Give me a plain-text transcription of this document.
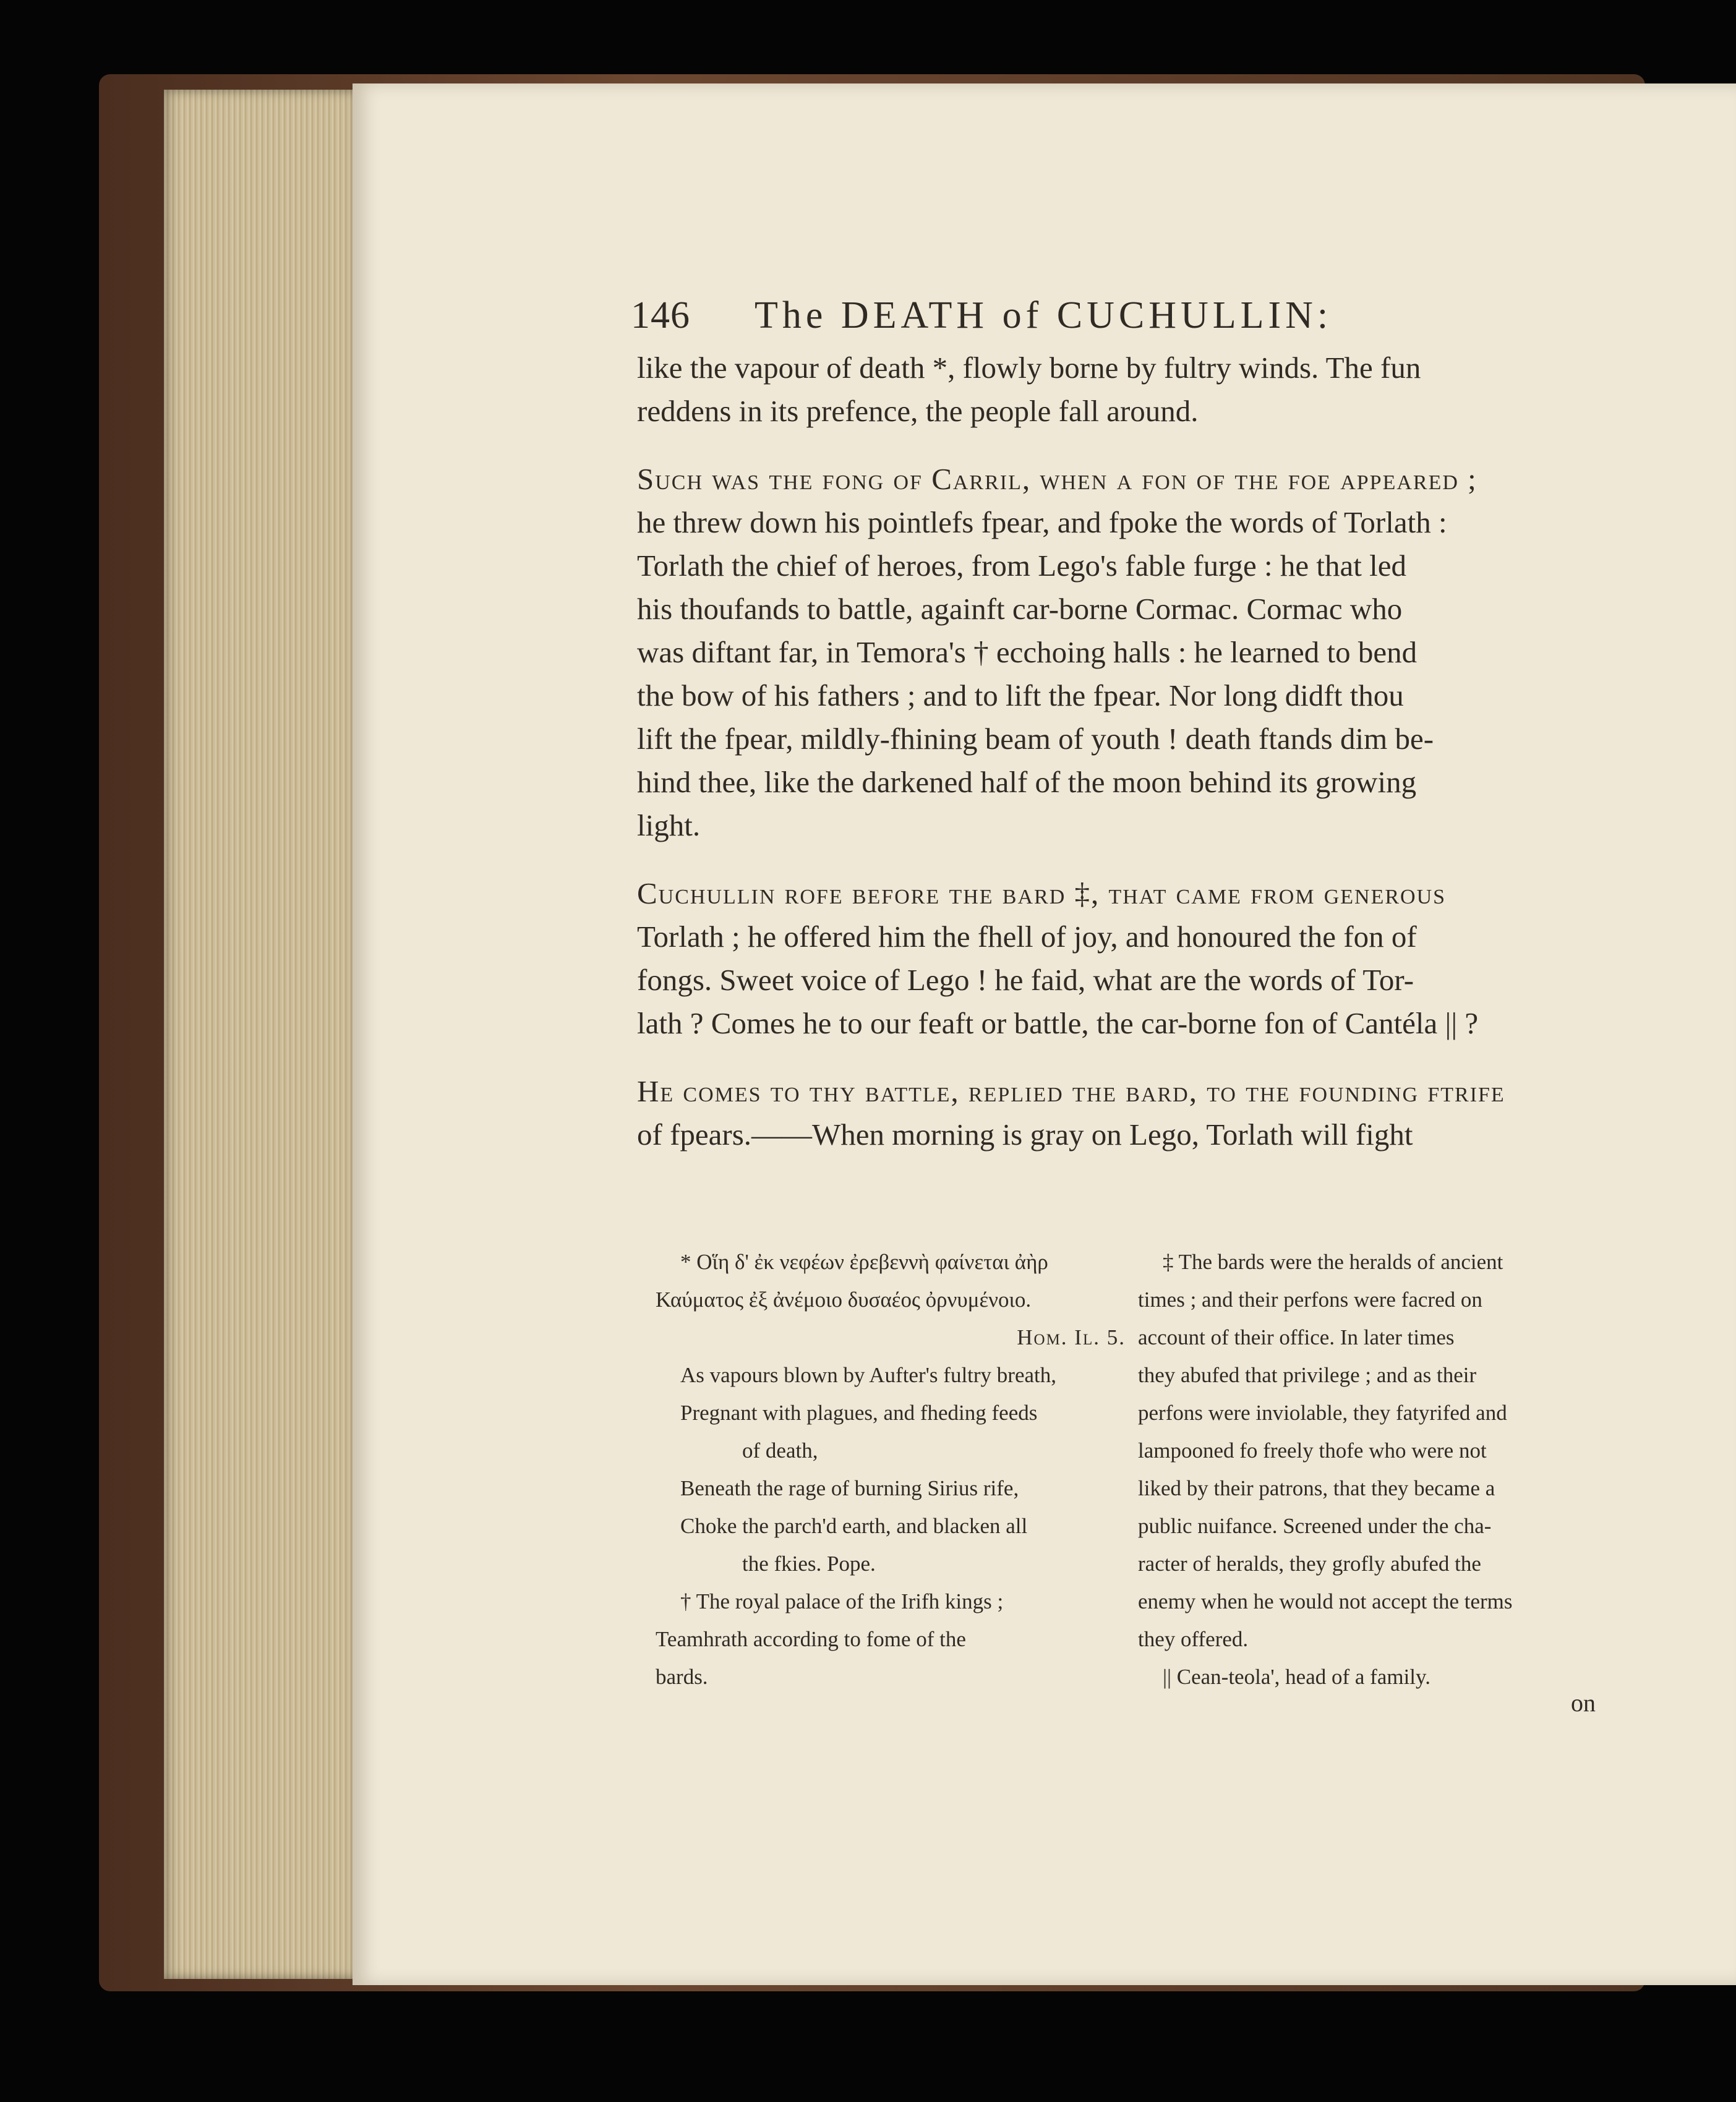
146 The DEATH of CUCHULLIN:
like the vapour of death *, flowly borne by fultry winds. The fun
reddens in its prefence, the people fall around.
Such was the fong of Carril, when a fon of the foe appeared ;
he threw down his pointlefs fpear, and fpoke the words of Torlath :
Torlath the chief of heroes, from Lego's fable furge : he that led
his thoufands to battle, againft car-borne Cormac. Cormac who
was diftant far, in Temora's † ecchoing halls : he learned to bend
the bow of his fathers ; and to lift the fpear. Nor long didft thou
lift the fpear, mildly-fhining beam of youth ! death ftands dim be-
hind thee, like the darkened half of the moon behind its growing
light.
Cuchullin rofe before the bard ‡, that came from generous
Torlath ; he offered him the fhell of joy, and honoured the fon of
fongs. Sweet voice of Lego ! he faid, what are the words of Tor-
lath ? Comes he to our feaft or battle, the car-borne fon of Cantéla || ?
He comes to thy battle, replied the bard, to the founding ftrife
of fpears.——When morning is gray on Lego, Torlath will fight
* Οἵη δ' ἐκ νεφέων ἐρεβεννὴ φαίνεται ἀὴρ
Καύματος ἐξ ἀνέμοιο δυσαέος ὀρνυμένοιο.
Hom. Il. 5.
As vapours blown by Aufter's fultry breath,
Pregnant with plagues, and fheding feeds
of death,
Beneath the rage of burning Sirius rife,
Choke the parch'd earth, and blacken all
the fkies. Pope.
† The royal palace of the Irifh kings ;
Teamhrath according to fome of the
bards.
‡ The bards were the heralds of ancient
times ; and their perfons were facred on
account of their office. In later times
they abufed that privilege ; and as their
perfons were inviolable, they fatyrifed and
lampooned fo freely thofe who were not
liked by their patrons, that they became a
public nuifance. Screened under the cha-
racter of heralds, they grofly abufed the
enemy when he would not accept the terms
they offered.
|| Cean-teola', head of a family.
on
